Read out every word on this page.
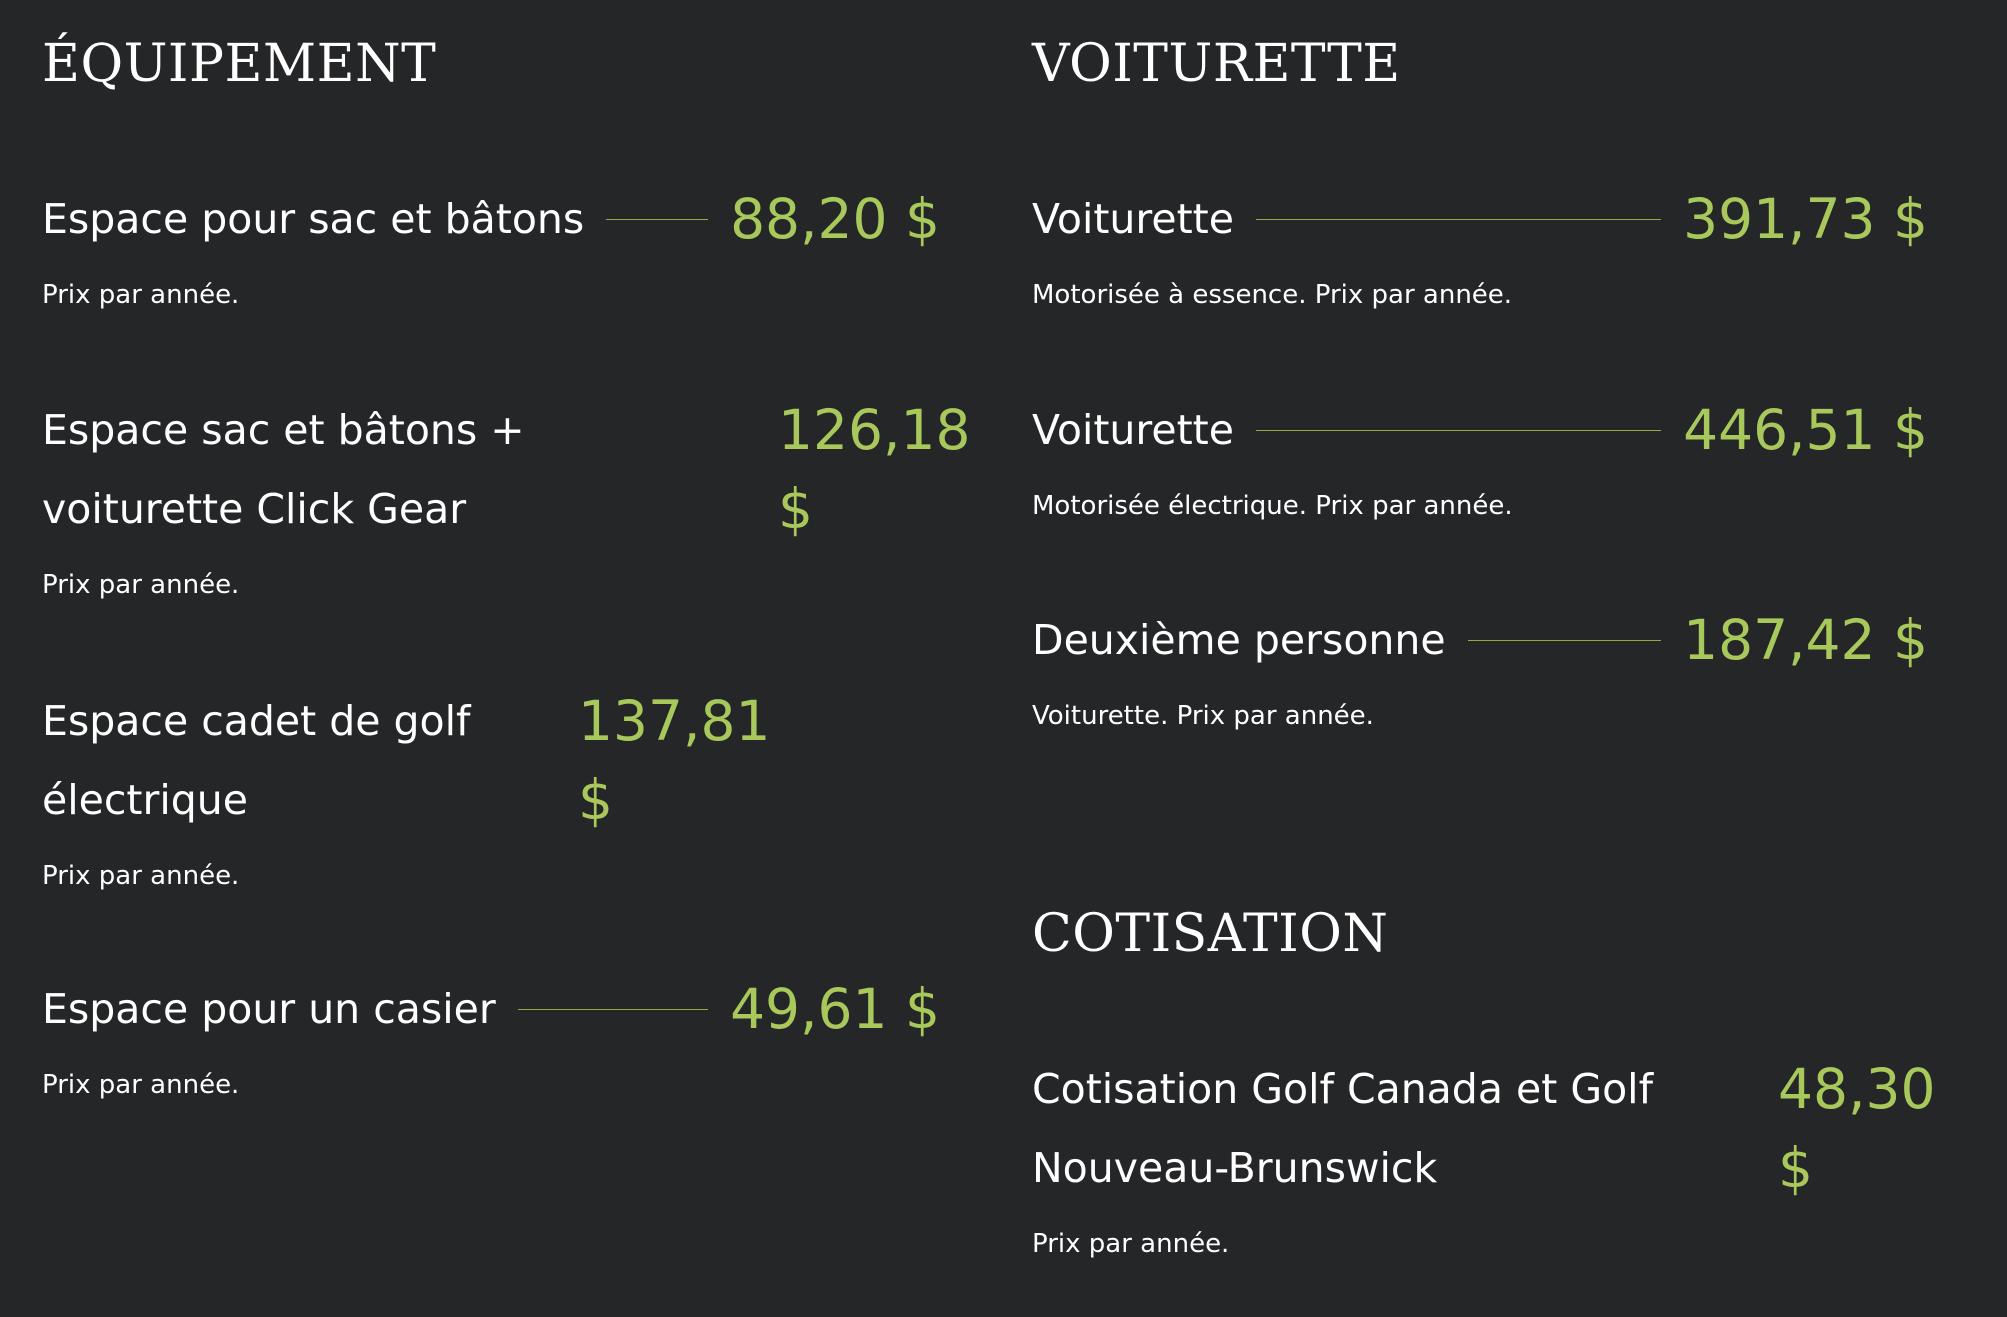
ÉQUIPEMENT
Espace pour sac et bâtons	88,20 $
Prix par année.
Espace sac et bâtons + voiturette Click Gear
126,18 $
Prix par année.
Espace cadet de golf électrique
137,81 $
Prix par année.
Espace pour un casier	49,61 $
Prix par année.
VOITURETTE
Voiturette	391,73 $
Motorisée à essence. Prix par année.
Voiturette	446,51 $
Motorisée électrique. Prix par année.
Deuxième personne	187,42 $
Voiturette. Prix par année.
COTISATION
Cotisation Golf Canada et Golf Nouveau-Brunswick
48,30 $
Prix par année.
